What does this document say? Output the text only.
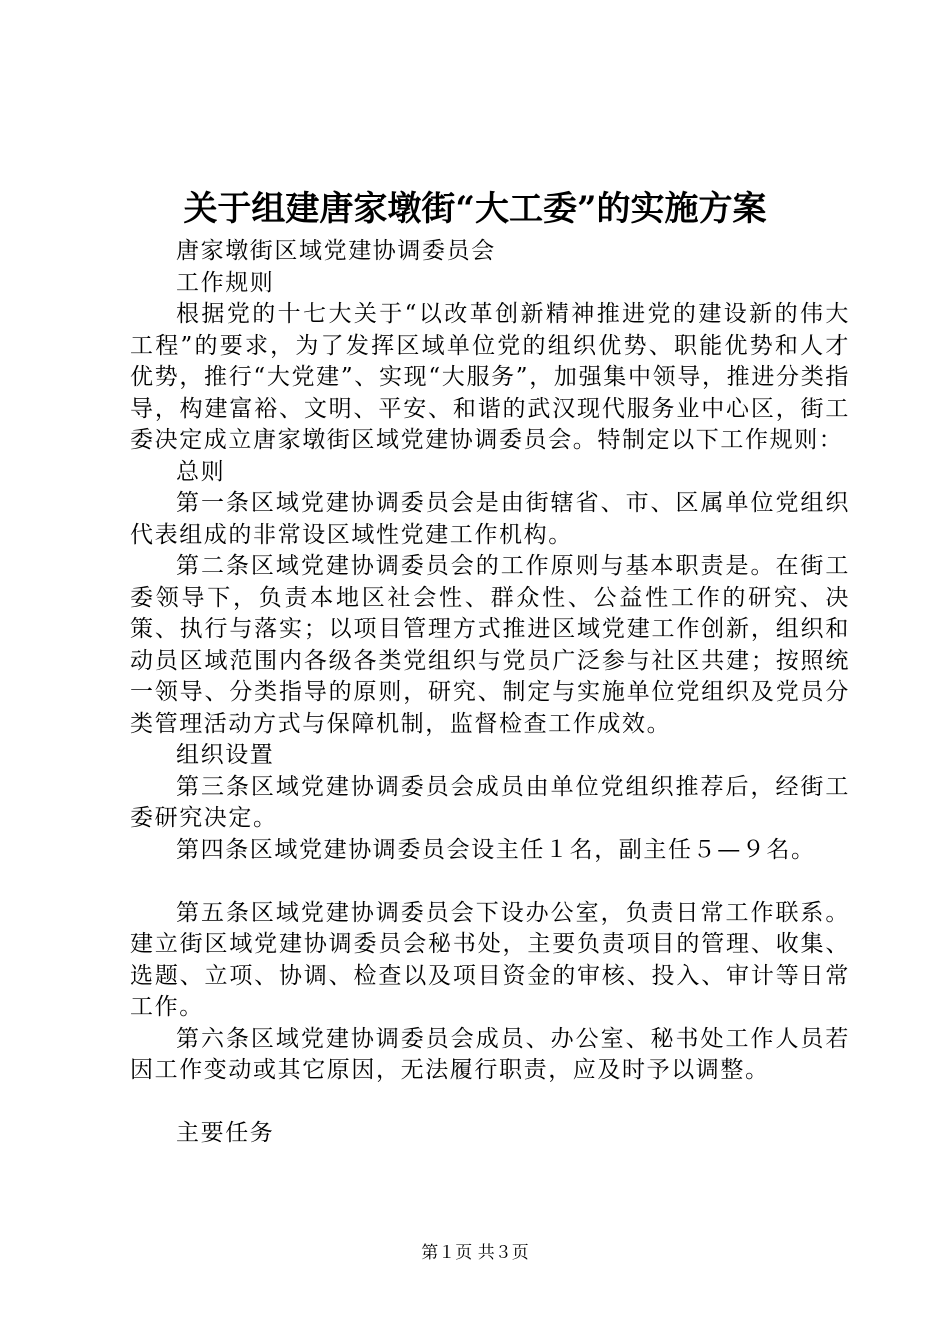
关于组建唐家墩街“大工委”的实施方案

唐家墩街区域党建协调委员会

工作规则

根据党的十七大关于“以改革创新精神推进党的建设新的伟大工程”的要求，为了发挥区域单位党的组织优势、职能优势和人才优势，推行“大党建”、实现“大服务”，加强集中领导，推进分类指导，构建富裕、文明、平安、和谐的武汉现代服务业中心区，街工委决定成立唐家墩街区域党建协调委员会。特制定以下工作规则：

总则

第一条区域党建协调委员会是由街辖省、市、区属单位党组织代表组成的非常设区域性党建工作机构。

第二条区域党建协调委员会的工作原则与基本职责是。在街工委领导下，负责本地区社会性、群众性、公益性工作的研究、决策、执行与落实；以项目管理方式推进区域党建工作创新，组织和动员区域范围内各级各类党组织与党员广泛参与社区共建；按照统一领导、分类指导的原则，研究、制定与实施单位党组织及党员分类管理活动方式与保障机制，监督检查工作成效。

组织设置

第三条区域党建协调委员会成员由单位党组织推荐后，经街工委研究决定。

第四条区域党建协调委员会设主任１名，副主任５—９名。

第五条区域党建协调委员会下设办公室，负责日常工作联系。建立街区域党建协调委员会秘书处，主要负责项目的管理、收集、选题、立项、协调、检查以及项目资金的审核、投入、审计等日常工作。

第六条区域党建协调委员会成员、办公室、秘书处工作人员若因工作变动或其它原因，无法履行职责，应及时予以调整。

主要任务

第１页 共３页
